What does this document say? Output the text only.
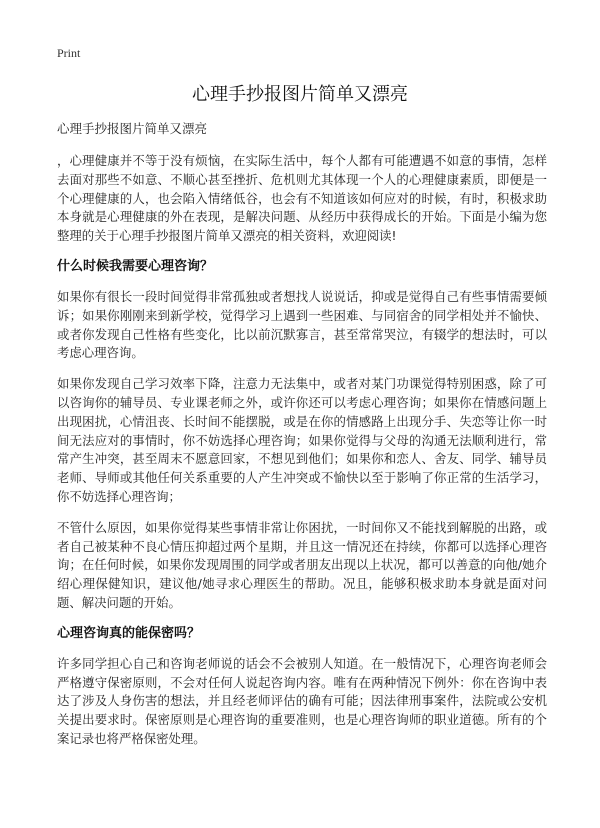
Print
心理手抄报图片简单又漂亮
心理手抄报图片简单又漂亮

，心理健康并不等于没有烦恼，在实际生活中，每个人都有可能遭遇不如意的事情，怎样去面对那些不如意、不顺心甚至挫折、危机则尤其体现一个人的心理健康素质，即便是一个心理健康的人，也会陷入情绪低谷，也会有不知道该如何应对的时候，有时，积极求助本身就是心理健康的外在表现，是解决问题、从经历中获得成长的开始。下面是小编为您整理的关于心理手抄报图片简单又漂亮的相关资料，欢迎阅读!

什么时候我需要心理咨询？

如果你有很长一段时间觉得非常孤独或者想找人说说话，抑或是觉得自己有些事情需要倾诉；如果你刚刚来到新学校，觉得学习上遇到一些困难、与同宿舍的同学相处并不愉快、或者你发现自己性格有些变化，比以前沉默寡言，甚至常常哭泣，有辍学的想法时，可以考虑心理咨询。

如果你发现自己学习效率下降，注意力无法集中，或者对某门功课觉得特别困惑，除了可以咨询你的辅导员、专业课老师之外，或许你还可以考虑心理咨询；如果你在情感问题上出现困扰，心情沮丧、长时间不能摆脱，或是在你的情感路上出现分手、失恋等让你一时间无法应对的事情时，你不妨选择心理咨询；如果你觉得与父母的沟通无法顺利进行，常常产生冲突，甚至周末不愿意回家，不想见到他们；如果你和恋人、舍友、同学、辅导员老师、导师或其他任何关系重要的人产生冲突或不愉快以至于影响了你正常的生活学习，你不妨选择心理咨询；

不管什么原因，如果你觉得某些事情非常让你困扰，一时间你又不能找到解脱的出路，或者自己被某种不良心情压抑超过两个星期，并且这一情况还在持续，你都可以选择心理咨询；在任何时候，如果你发现周围的同学或者朋友出现以上状况，都可以善意的向他/她介绍心理保健知识，建议他/她寻求心理医生的帮助。况且，能够积极求助本身就是面对问题、解决问题的开始。

心理咨询真的能保密吗？

许多同学担心自己和咨询老师说的话会不会被别人知道。在一般情况下，心理咨询老师会严格遵守保密原则，不会对任何人说起咨询内容。唯有在两种情况下例外：你在咨询中表达了涉及人身伤害的想法，并且经老师评估的确有可能；因法律刑事案件，法院或公安机关提出要求时。保密原则是心理咨询的重要准则，也是心理咨询师的职业道德。所有的个案记录也将严格保密处理。
